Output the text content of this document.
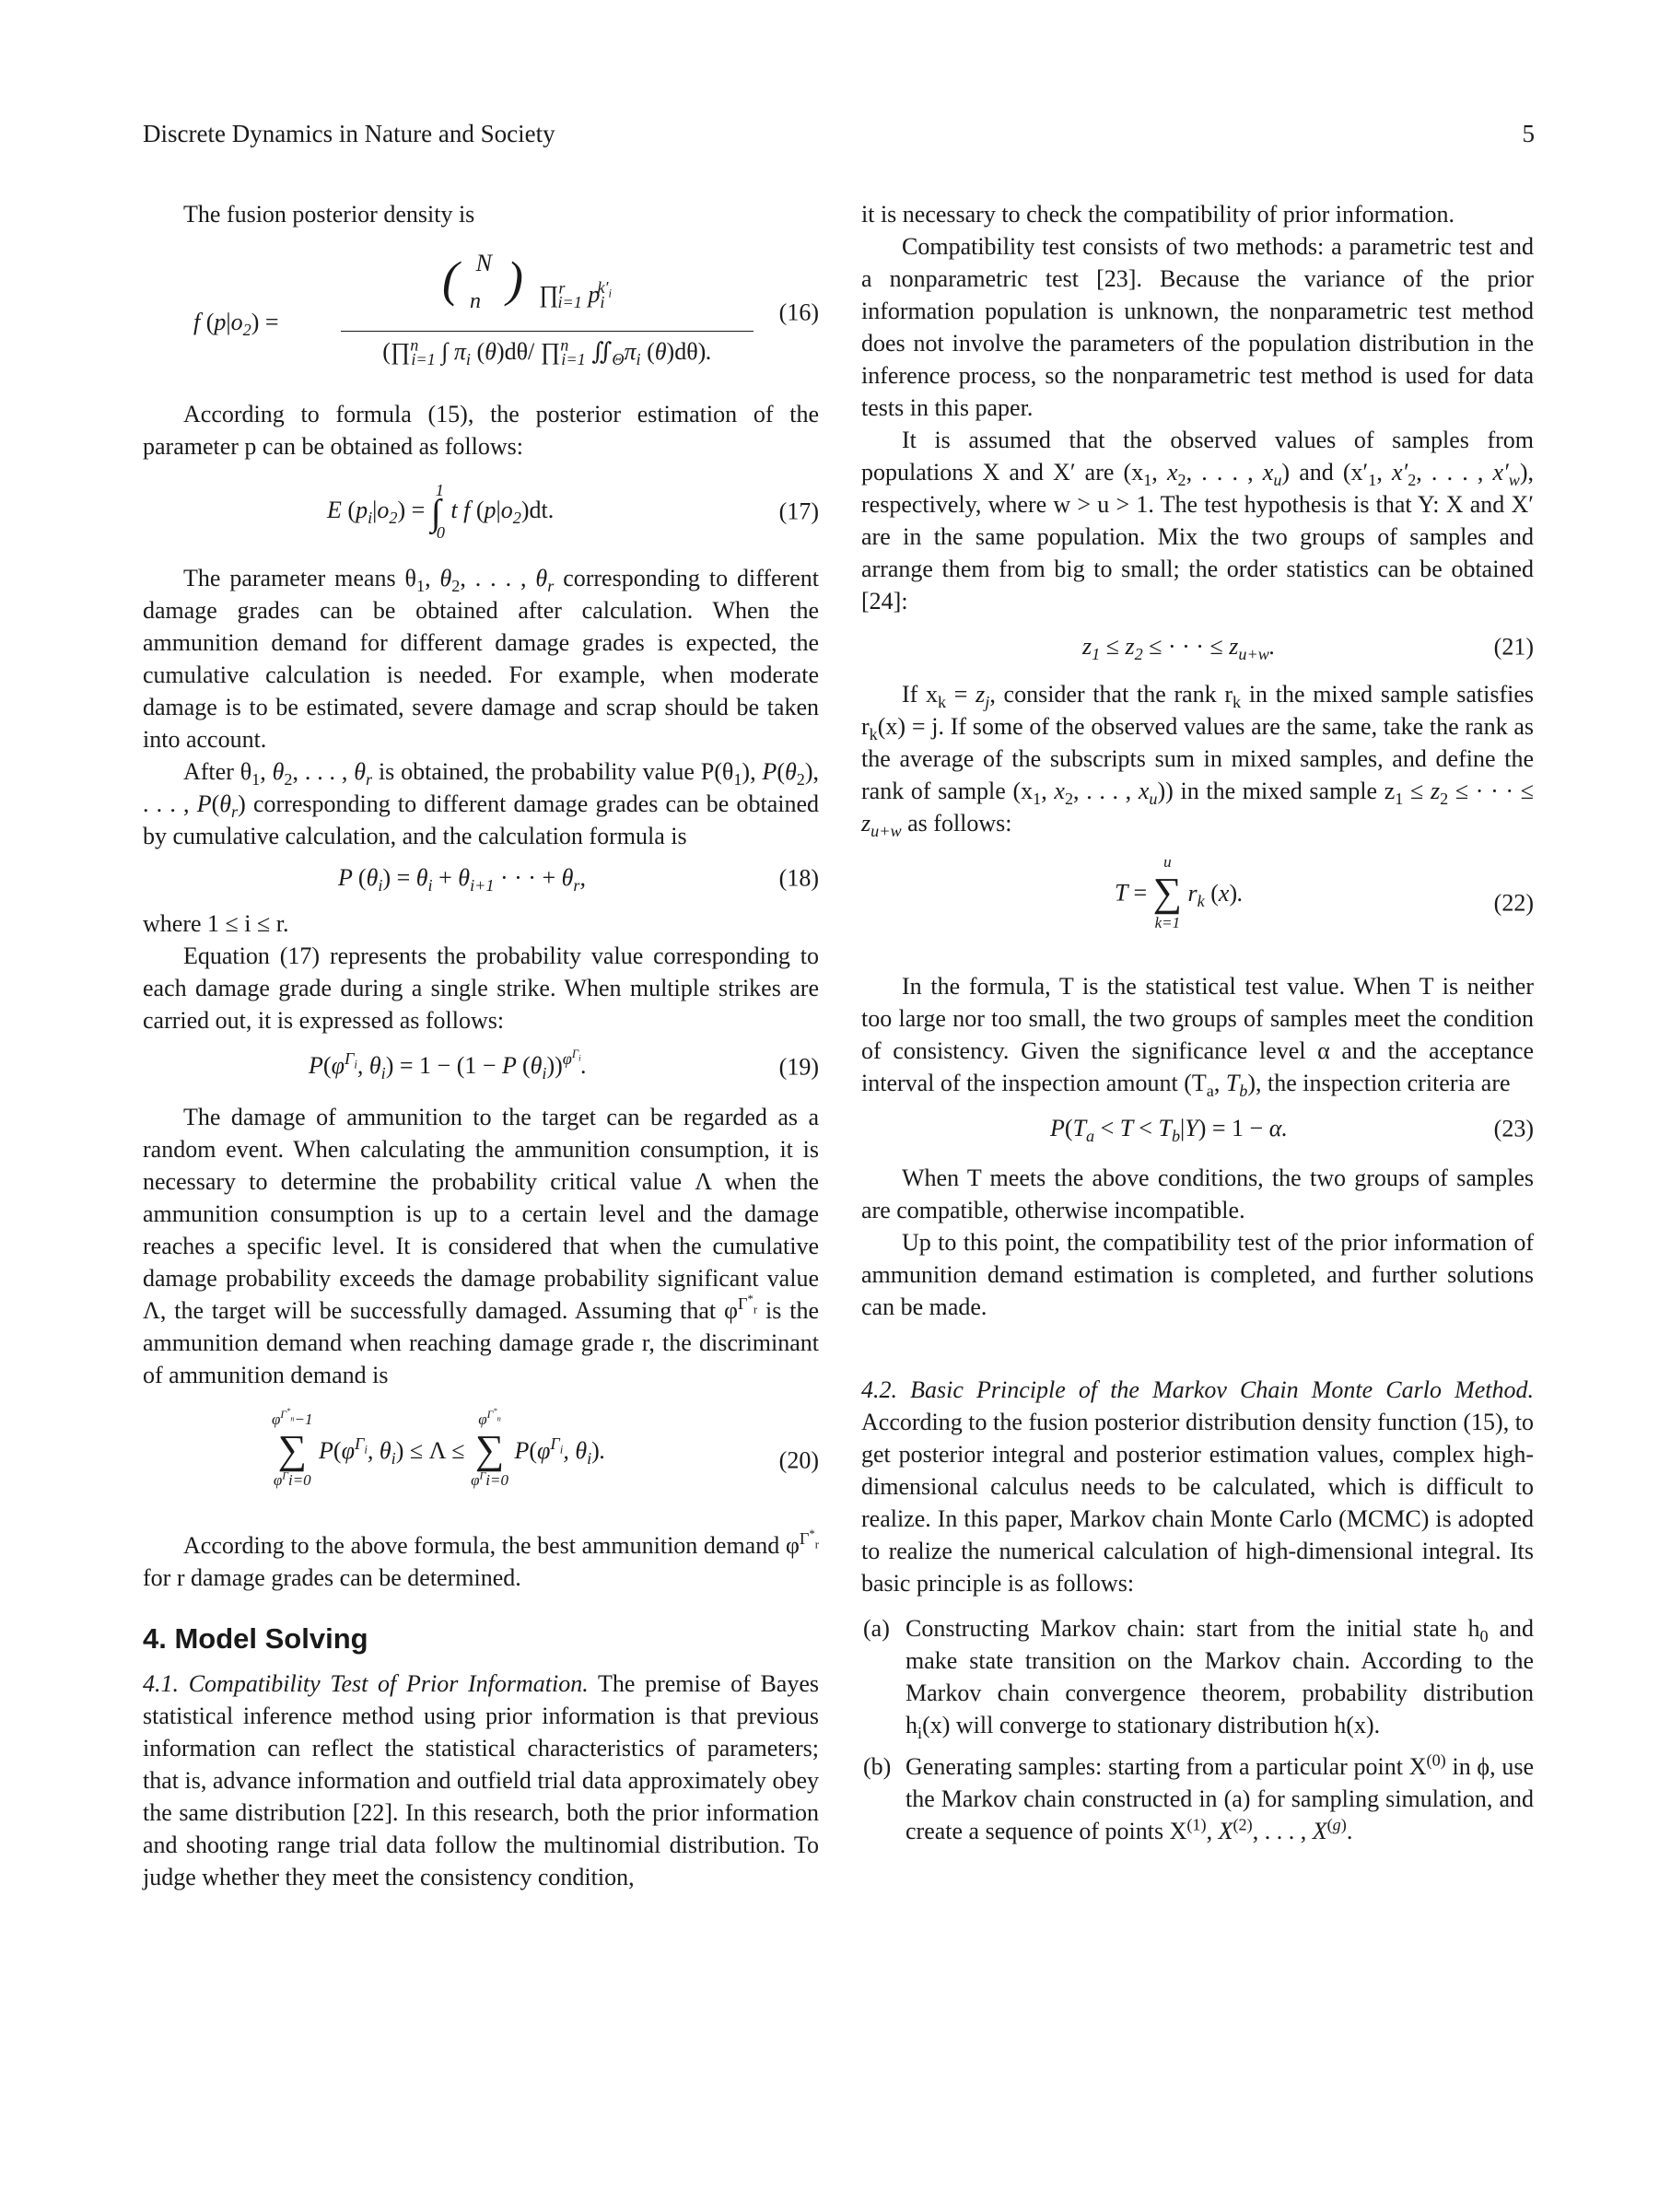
Discrete Dynamics in Nature and Society	5

The fusion posterior density is

f $(p|o_2)$ =
( N
n⃗ ) ∏$^r_{i=1}$ $p_i^{k'_i}$
(∏$^n_{i=1}$ ∫ $\pi_i$ (θ)dθ/ ∏$^n_{i=1}$ $∬_\Theta\pi_i$ (θ)dθ).
(16)

According to formula (15), the posterior estimation of the parameter p can be obtained as follows:

E $(p_i|o_2) = \int^1_0$ t f $(p|o_2)dt$.	(17)

The parameter means $\theta_1$, $\theta_2$, . . . , $\theta_r$ corresponding to different damage grades can be obtained after calculation. When the ammunition demand for different damage grades is expected, the cumulative calculation is needed. For example, when moderate damage is to be estimated, severe damage and scrap should be taken into account.

After $\theta_1$, $\theta_2$, . . . , $\theta_r$ is obtained, the probability value $P(\theta_1)$, $P(\theta_2)$, . . . , $P(\theta_r)$ corresponding to different damage grades can be obtained by cumulative calculation, and the calculation formula is

P $(\theta_i) = \theta_i + \theta_{i+1}$ · · · + $\theta_r$,	(18)

where 1 ≤ i ≤ r.

Equation (17) represents the probability value corresponding to each damage grade during a single strike. When multiple strikes are carried out, it is expressed as follows:

$P(\varphi^{\Gamma_i}$, $\theta_i) = 1 - (1 - P$ $(\theta_i))^{\varphi^{\Gamma_i}}$.	(19)

The damage of ammunition to the target can be regarded as a random event. When calculating the ammunition consumption, it is necessary to determine the probability critical value Λ when the ammunition consumption is up to a certain level and the damage reaches a specific level. It is considered that when the cumulative damage probability exceeds the damage probability significant value Λ, the target will be successfully damaged. Assuming that $\varphi^{\Gamma^*_r}$ is the ammunition demand when reaching damage grade r, the discriminant of ammunition demand is

$\varphi^{\Gamma^*_n}-1$
∑
$\varphi^\Gamma i=0$
$P(\varphi^{\Gamma_i}$, $\theta_i) \le \Lambda$ ≤
$\varphi^{\Gamma^*_n}$
∑
$\varphi^\Gamma i=0$
$P(\varphi^{\Gamma_i}$, $\theta_i$).	(20)

According to the above formula, the best ammunition demand $\varphi^{\Gamma^*_r}$ for r damage grades can be determined.

4. Model Solving

4.1. Compatibility Test of Prior Information. The premise of Bayes statistical inference method using prior information is that previous information can reflect the statistical characteristics of parameters; that is, advance information and outfield trial data approximately obey the same distribution [22]. In this research, both the prior information and shooting range trial data follow the multinomial distribution. To judge whether they meet the consistency condition,

it is necessary to check the compatibility of prior information.

Compatibility test consists of two methods: a parametric test and a nonparametric test [23]. Because the variance of the prior information population is unknown, the nonparametric test method does not involve the parameters of the population distribution in the inference process, so the nonparametric test method is used for data tests in this paper.

It is assumed that the observed values of samples from populations X and X′ are ($x_1$, $x_2$, . . . , $x_u$) and ($x'_1$, $x'_2$, . . . , $x'_w$), respectively, where w > u > 1. The test hypothesis is that Y: X and X′ are in the same population. Mix the two groups of samples and arrange them from big to small; the order statistics can be obtained [24]:

$z_1 \le z_2$ ≤ · · · ≤ $z_{u+w}$.	(21)

If $x_k = z_j$, consider that the rank $r_k$ in the mixed sample satisfies $r_k(x) = j$. If some of the observed values are the same, take the rank as the average of the subscripts sum in mixed samples, and define the rank of sample ($x_1$, $x_2$, . . . , $x_u$)) in the mixed sample $z_1 \le z_2$ ≤ · · · ≤ $z_{u+w}$ as follows:

T =
u
∑
k=1
$r_k$ (x).	(22)

In the formula, T is the statistical test value. When T is neither too large nor too small, the two groups of samples meet the condition of consistency. Given the significance level α and the acceptance interval of the inspection amount ($T_a$, $T_b$), the inspection criteria are

$P(T_a < T < T_b|Y) = 1 - \alpha$.	(23)

When T meets the above conditions, the two groups of samples are compatible, otherwise incompatible.

Up to this point, the compatibility test of the prior information of ammunition demand estimation is completed, and further solutions can be made.

4.2. Basic Principle of the Markov Chain Monte Carlo Method. According to the fusion posterior distribution density function (15), to get posterior integral and posterior estimation values, complex high-dimensional calculus needs to be calculated, which is difficult to realize. In this paper, Markov chain Monte Carlo (MCMC) is adopted to realize the numerical calculation of high-dimensional integral. Its basic principle is as follows:

(a) Constructing Markov chain: start from the initial state $h_0$ and make state transition on the Markov chain. According to the Markov chain convergence theorem, probability distribution $h_i(x)$ will converge to stationary distribution h(x).
(b) Generating samples: starting from a particular point $X^{(0)}$ in ϕ, use the Markov chain constructed in (a) for sampling simulation, and create a sequence of points $X^{(1)}$, $X^{(2)}$, . . . , $X^{(g)}$.
